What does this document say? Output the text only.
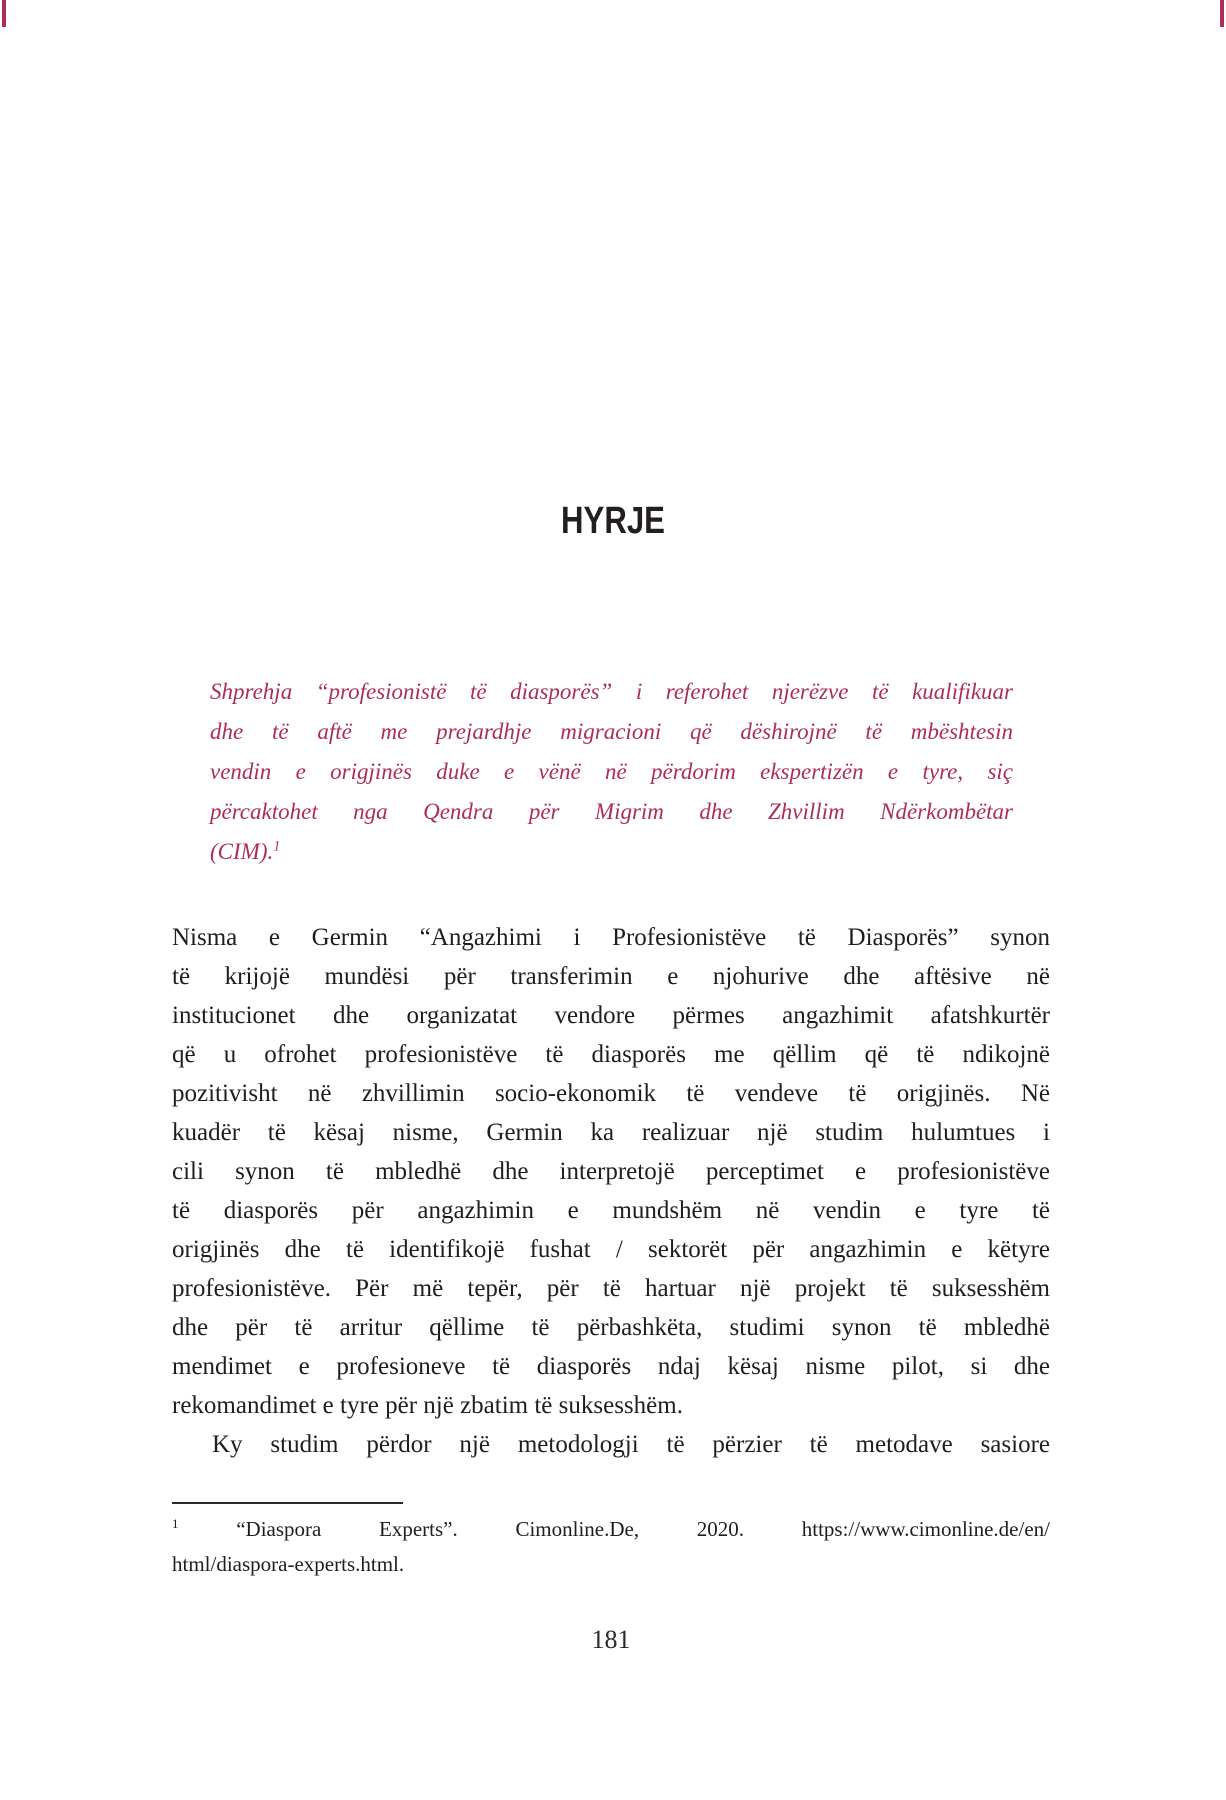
HYRJE
Shprehja “profesionistë të diasporës” i referohet njerëzve të kualifikuar
dhe të aftë me prejardhje migracioni që dëshirojnë të mbështesin
vendin e origjinës duke e vënë në përdorim ekspertizën e tyre, siç
përcaktohet nga Qendra për Migrim dhe Zhvillim Ndërkombëtar
(CIM).$^1$
Nisma e Germin “Angazhimi i Profesionistëve të Diasporës” synon
të krijojë mundësi për transferimin e njohurive dhe aftësive në
institucionet dhe organizatat vendore përmes angazhimit afatshkurtër
që u ofrohet profesionistëve të diasporës me qëllim që të ndikojnë
pozitivisht në zhvillimin socio-ekonomik të vendeve të origjinës. Në
kuadër të kësaj nisme, Germin ka realizuar një studim hulumtues i
cili synon të mbledhë dhe interpretojë perceptimet e profesionistëve
të diasporës për angazhimin e mundshëm në vendin e tyre të
origjinës dhe të identifikojë fushat / sektorët për angazhimin e këtyre
profesionistëve. Për më tepër, për të hartuar një projekt të suksesshëm
dhe për të arritur qëllime të përbashkëta, studimi synon të mbledhë
mendimet e profesioneve të diasporës ndaj kësaj nisme pilot, si dhe
rekomandimet e tyre për një zbatim të suksesshëm.
Ky studim përdor një metodologji të përzier të metodave sasiore
$^1$	“Diaspora Experts”. Cimonline.De, 2020. https://www.cimonline.de/en/
html/diaspora-experts.html.
181
